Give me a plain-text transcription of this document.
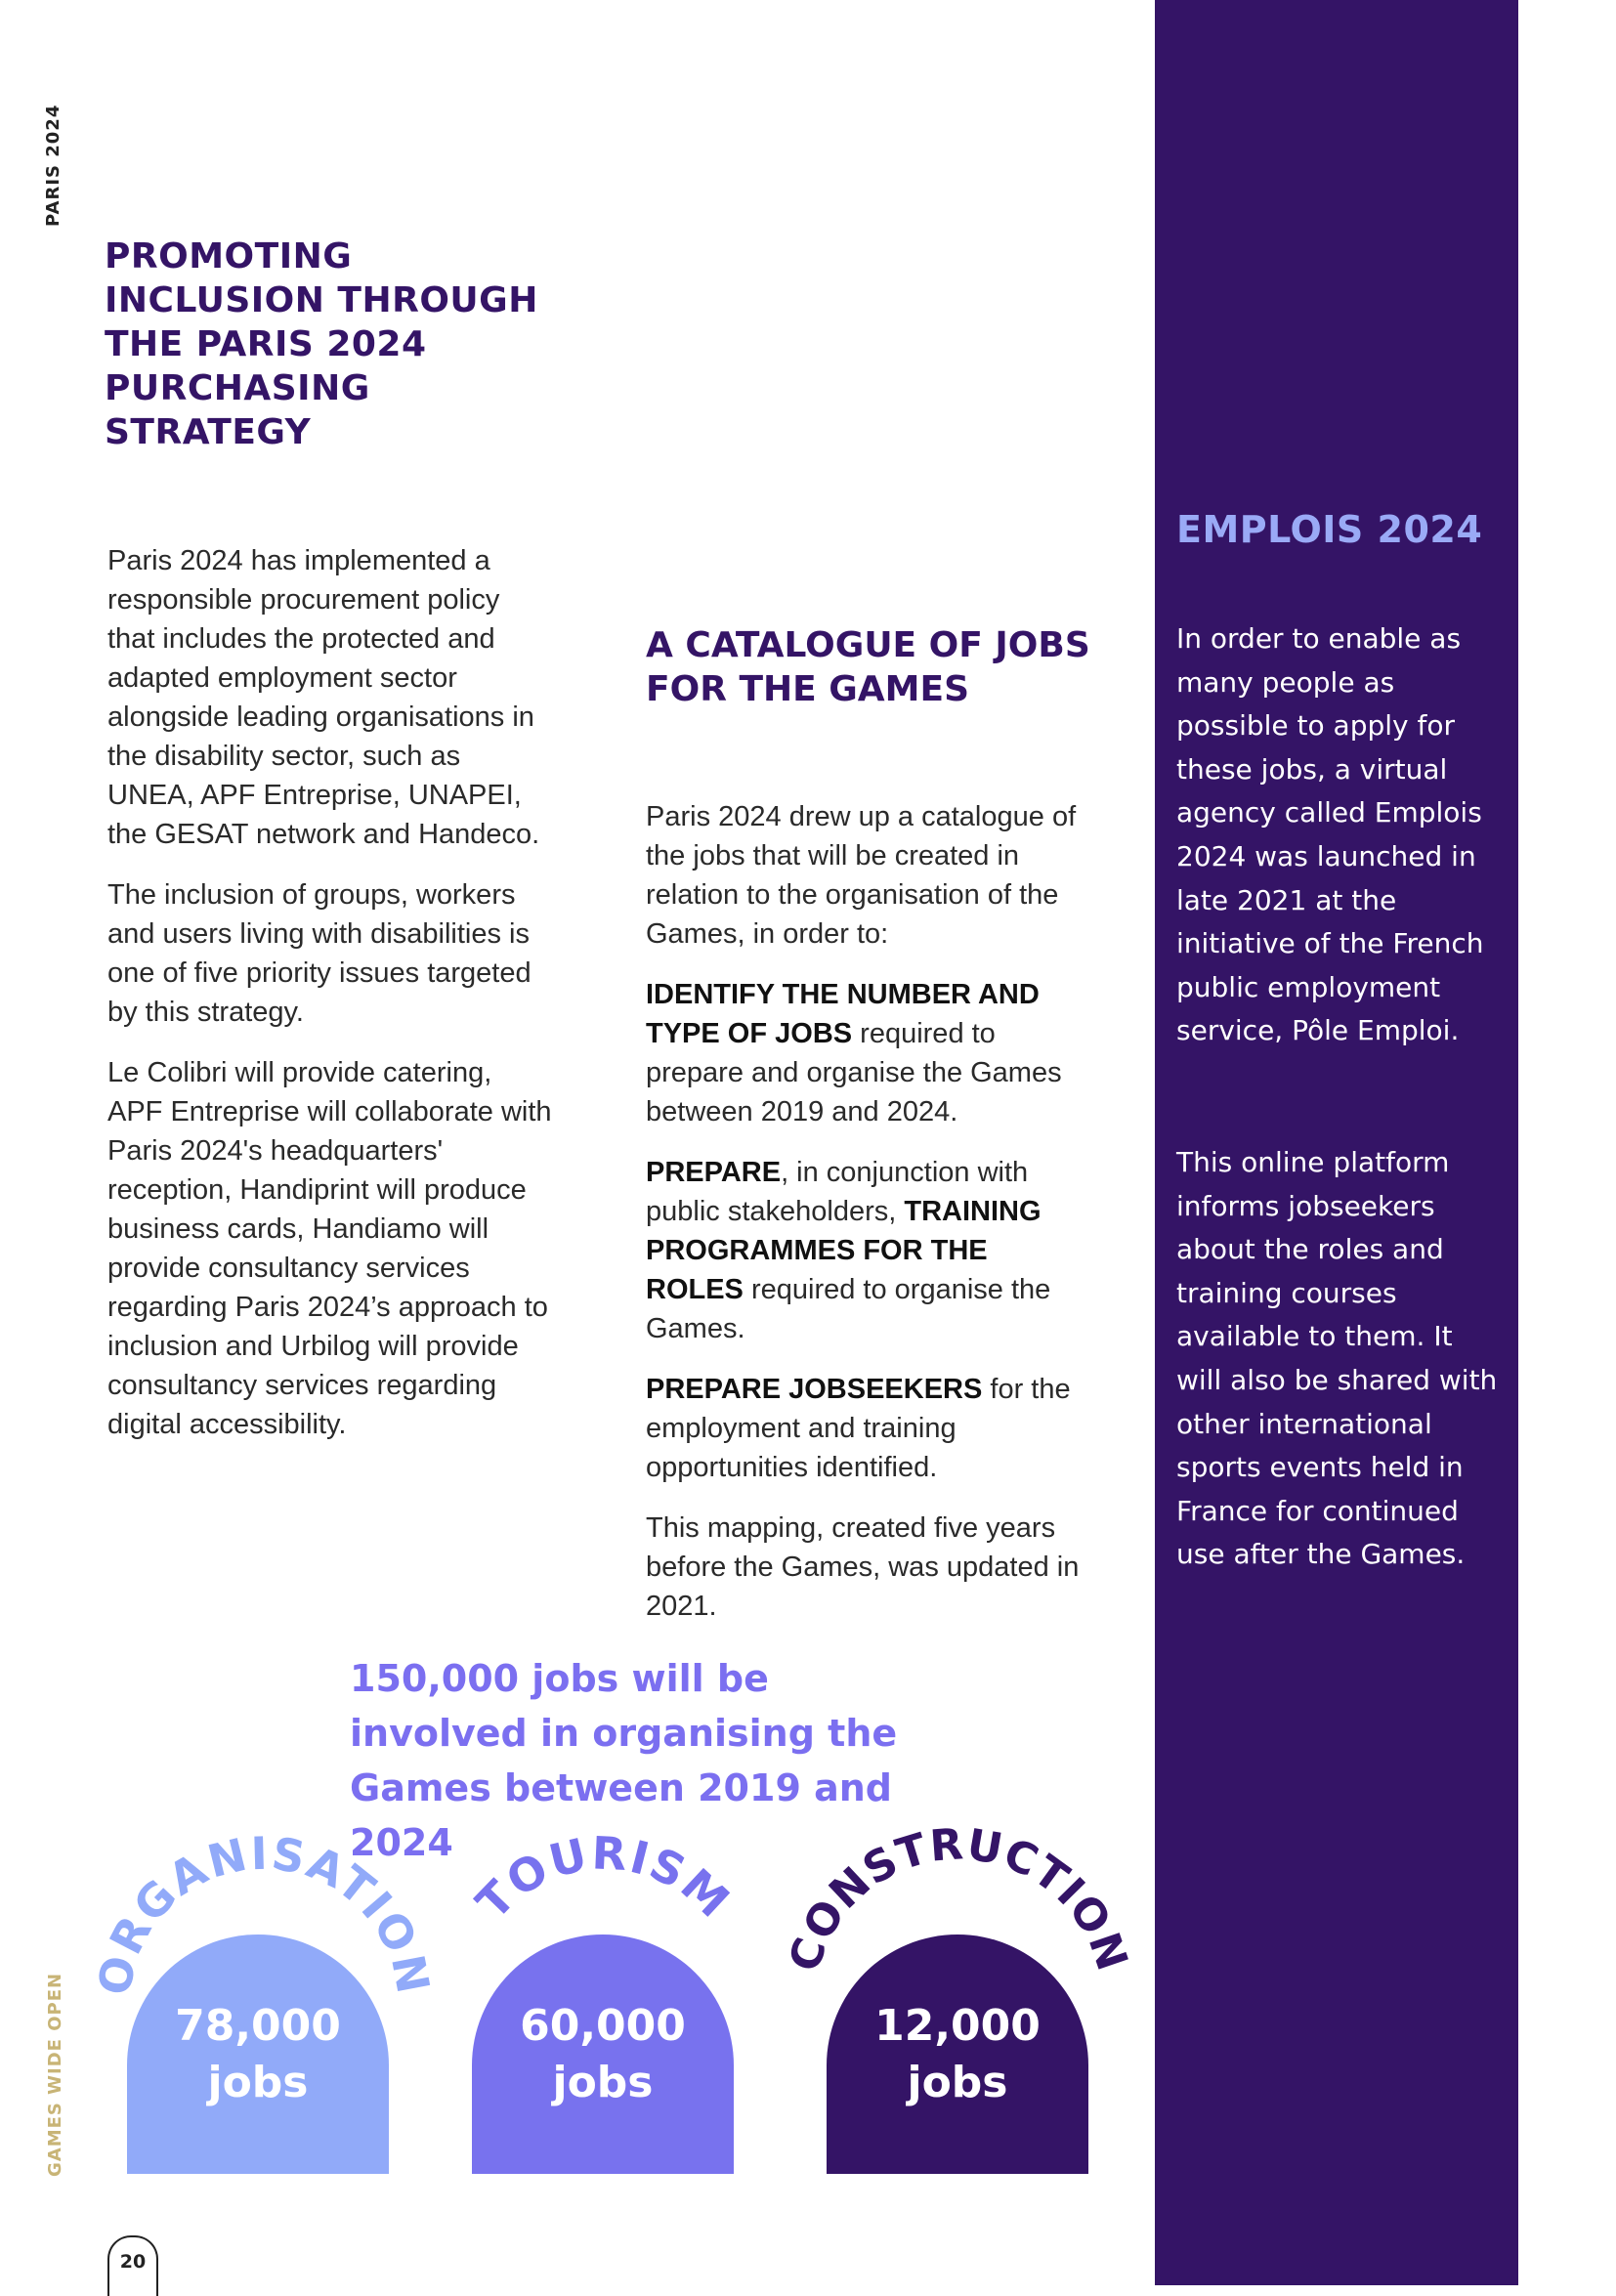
PARIS 2024
GAMES WIDE OPEN
PROMOTING INCLUSION THROUGH THE PARIS 2024 PURCHASING STRATEGY

Paris 2024 has implemented a responsible procurement policy that includes the protected and adapted employment sector alongside leading organisations in the disability sector, such as UNEA, APF Entreprise, UNAPEI, the GESAT network and Handeco.

The inclusion of groups, workers and users living with disabilities is one of five priority issues targeted by this strategy.

Le Colibri will provide catering, APF Entreprise will collaborate with Paris 2024's headquarters' reception, Handiprint will produce business cards, Handiamo will provide consultancy services regarding Paris 2024’s approach to inclusion and Urbilog will provide consultancy services regarding digital accessibility.

A CATALOGUE OF JOBS FOR THE GAMES

Paris 2024 drew up a catalogue of the jobs that will be created in relation to the organisation of the Games, in order to:

IDENTIFY THE NUMBER AND TYPE OF JOBS required to prepare and organise the Games between 2019 and 2024.

PREPARE, in conjunction with public stakeholders, TRAINING PROGRAMMES FOR THE ROLES required to organise the Games.

PREPARE JOBSEEKERS for the employment and training opportunities identified.

This mapping, created five years before the Games, was updated in 2021.

EMPLOIS 2024
In order to enable as many people as possible to apply for these jobs, a virtual agency called Emplois 2024 was launched in late 2021 at the initiative of the French public employment service, Pôle Emploi.
This online platform informs jobseekers about the roles and training courses available to them. It will also be shared with other international sports events held in France for continued use after the Games.
150,000 jobs will be involved in organising the Games between 2019 and 2024
ORGANISATION
78,000
jobs
TOURISM
60,000
jobs
CONSTRUCTION
12,000
jobs
20
